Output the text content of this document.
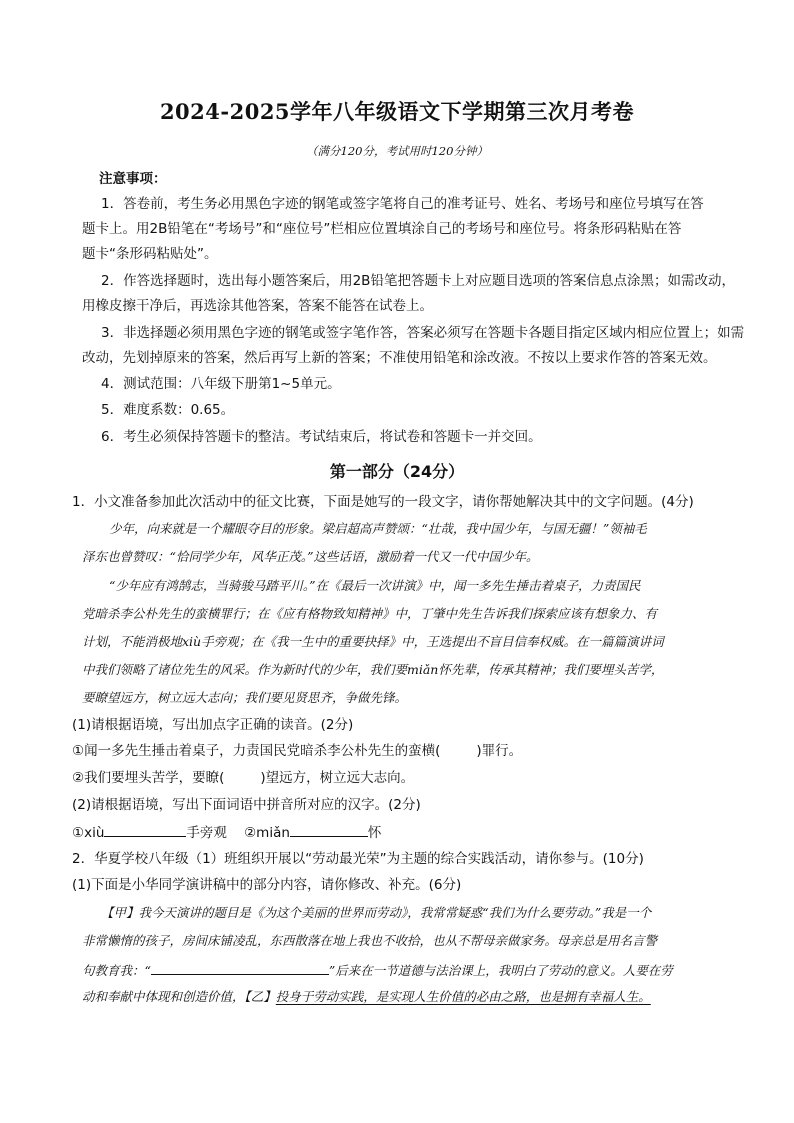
2024-2025学年八年级语文下学期第三次月考卷
（满分120分，考试用时120分钟）
注意事项：
1．答卷前，考生务必用黑色字迹的钢笔或签字笔将自己的准考证号、姓名、考场号和座位号填写在答
题卡上。用2B铅笔在“考场号”和“座位号”栏相应位置填涂自己的考场号和座位号。将条形码粘贴在答
题卡“条形码粘贴处”。
2．作答选择题时，选出每小题答案后，用2B铅笔把答题卡上对应题目选项的答案信息点涂黑；如需改动，
用橡皮擦干净后，再选涂其他答案，答案不能答在试卷上。
3．非选择题必须用黑色字迹的钢笔或签字笔作答，答案必须写在答题卡各题目指定区域内相应位置上；如需
改动，先划掉原来的答案，然后再写上新的答案；不准使用铅笔和涂改液。不按以上要求作答的答案无效。
4．测试范围：八年级下册第1~5单元。
5．难度系数：0.65。
6．考生必须保持答题卡的整洁。考试结束后，将试卷和答题卡一并交回。
第一部分（24分）
1．小文准备参加此次活动中的征文比赛，下面是她写的一段文字，请你帮她解决其中的文字问题。(4分)
少年，向来就是一个耀眼夺目的形象。梁启超高声赞颂：“壮哉，我中国少年，与国无疆！”领袖毛
泽东也曾赞叹：“恰同学少年，风华正茂。”这些话语，激励着一代又一代中国少年。
“少年应有鸿鹄志，当骑骏马踏平川。”在《最后一次讲演》中，闻一多先生捶击着桌子，力责国民
党暗杀李公朴先生的蛮横罪行；在《应有格物致知精神》中，丁肇中先生告诉我们探索应该有想象力、有
计划，不能消极地xiù手旁观；在《我一生中的重要抉择》中，王选提出不盲目信奉权威。在一篇篇演讲词
中我们领略了诸位先生的风采。作为新时代的少年，我们要miǎn怀先辈，传承其精神；我们要埋头苦学，
要瞭望远方，树立远大志向；我们要见贤思齐，争做先锋。
(1)请根据语境，写出加点字正确的读音。(2分)
①闻一多先生捶击着桌子，力责国民党暗杀李公朴先生的蛮横(	)罪行。
②我们要埋头苦学，要瞭(	)望远方，树立远大志向。
(2)请根据语境，写出下面词语中拼音所对应的汉字。(2分)
①xiù	手旁观 ②miǎn	怀
2．华夏学校八年级（1）班组织开展以“劳动最光荣”为主题的综合实践活动，请你参与。(10分)
(1)下面是小华同学演讲稿中的部分内容，请你修改、补充。(6分)
【甲】我今天演讲的题目是《为这个美丽的世界而劳动》，我常常疑惑“我们为什么要劳动。”我是一个
非常懒惰的孩子，房间床铺凌乱，东西散落在地上我也不收拾，也从不帮母亲做家务。母亲总是用名言警
句教育我：“	”后来在一节道德与法治课上，我明白了劳动的意义。人要在劳
动和奉献中体现和创造价值，【乙】投身于劳动实践，是实现人生价值的必由之路，也是拥有幸福人生。
